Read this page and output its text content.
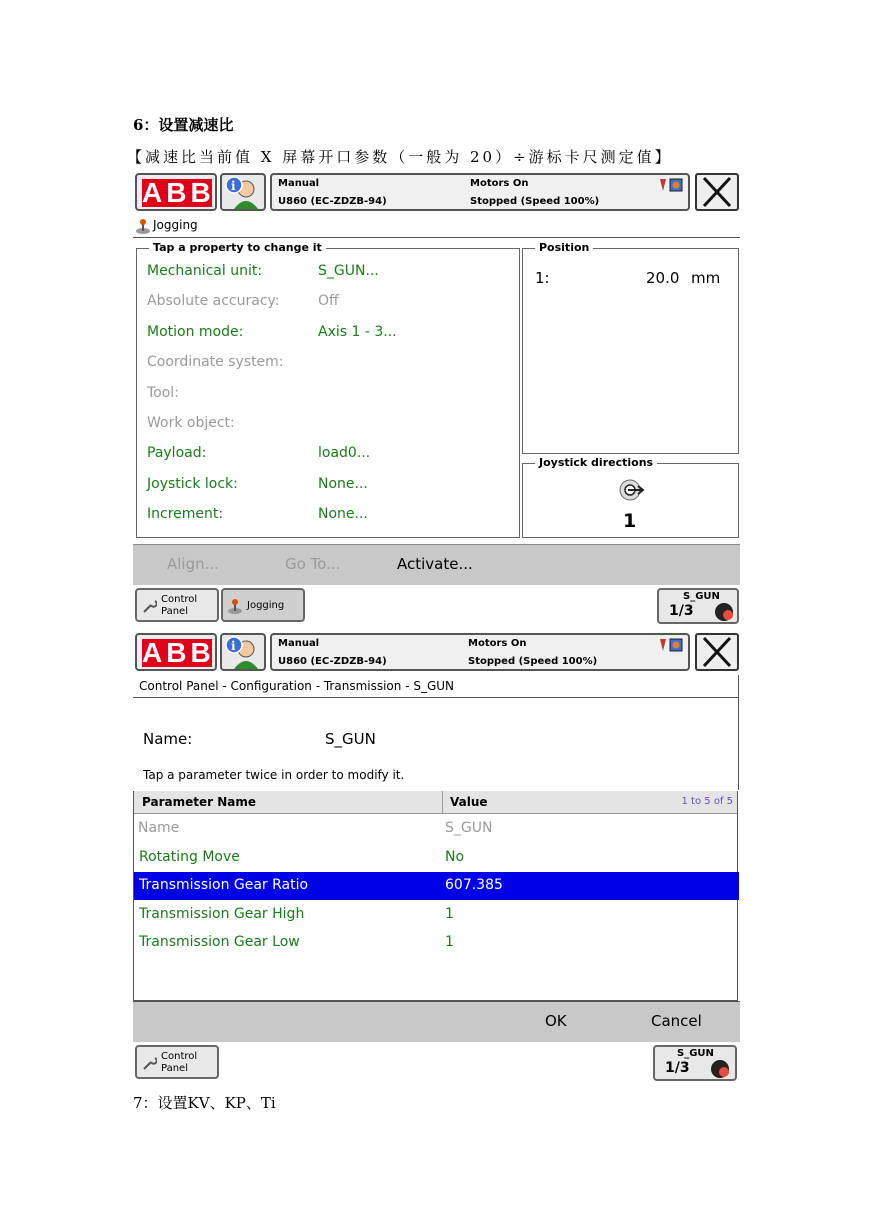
6：设置减速比
【减速比当前值 X 屏幕开口参数（一般为 20）÷游标卡尺测定值】
ABB i	Manual
U860 (EC-ZDZB-94)
Motors On
Stopped (Speed 100%)
Jogging
Tap a property to change it
Mechanical unit:	S_GUN...
Absolute accuracy:	Off
Motion mode:	Axis 1 - 3...
Coordinate system:
Tool:
Work object:
Payload:	load0...
Joystick lock:	None...
Increment:	None...
Position
1:	20.0 mm
Joystick directions
1
Align...	Go To...	Activate...
Control
Panel
Jogging
S_GUN
1/3
ABB i	Manual
U860 (EC-ZDZB-94)
Motors On
Stopped (Speed 100%)
Control Panel - Configuration - Transmission - S_GUN
Name:	S_GUN
Tap a parameter twice in order to modify it.
Parameter Name	Value	1 to 5 of 5
Name	S_GUN
Rotating Move	No
Transmission Gear Ratio	607.385
Transmission Gear High	1
Transmission Gear Low	1
OK	Cancel
Control
Panel
S_GUN
1/3
7：设置KV、KP、Ti
